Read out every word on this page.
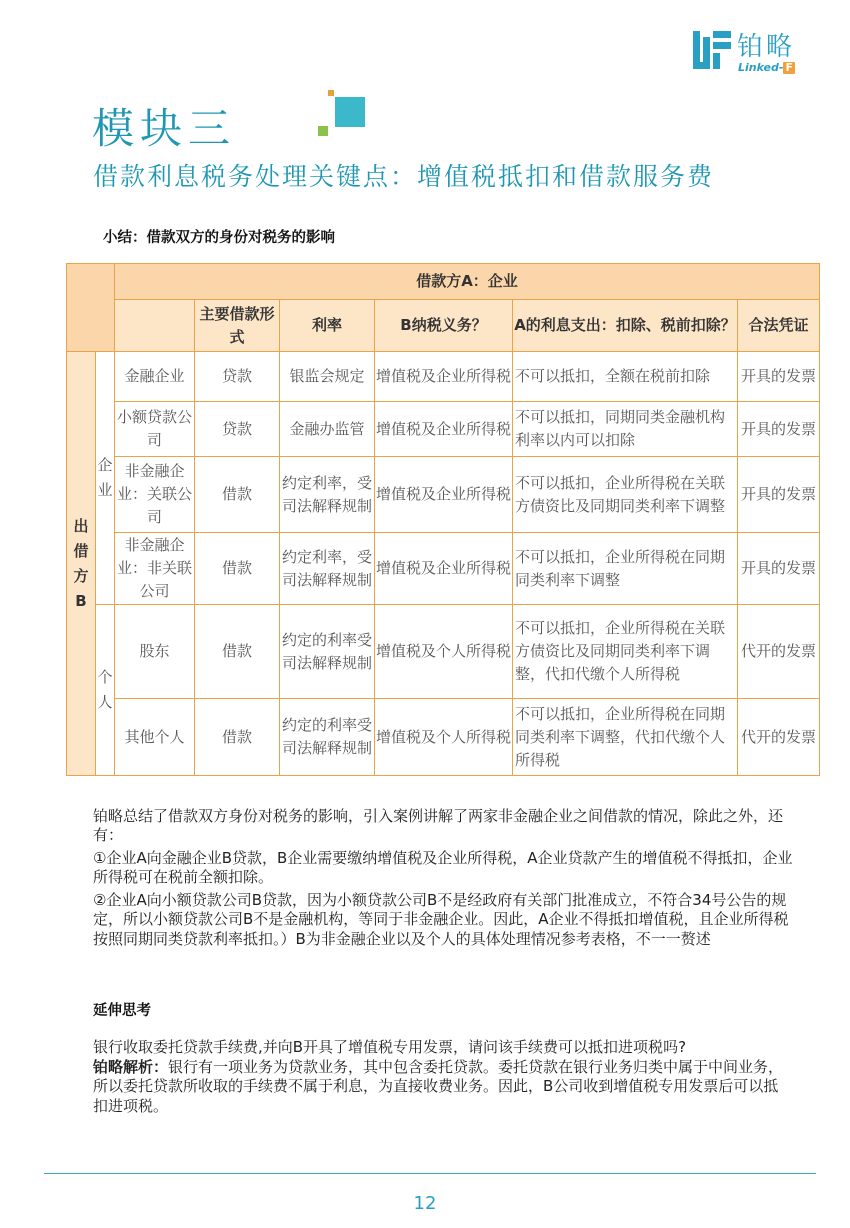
铂略
Linked- F
模块三
借款利息税务处理关键点：增值税抵扣和借款服务费
小结：借款双方的身份对税务的影响
		借款方A：企业					
			主要借款形式	利率	B纳税义务？	A的利息支出：扣除、税前扣除？	合法凭证
出借方B	企业	金融企业	贷款	银监会规定	增值税及企业所得税	不可以抵扣，全额在税前扣除	开具的发票
		小额贷款公司	贷款	金融办监管	增值税及企业所得税	不可以抵扣，同期同类金融机构利率以内可以扣除	开具的发票
		非金融企业：关联公司	借款	约定利率，受司法解释规制	增值税及企业所得税	不可以抵扣，企业所得税在关联方债资比及同期同类利率下调整	开具的发票
		非金融企业：非关联公司	借款	约定利率，受司法解释规制	增值税及企业所得税	不可以抵扣，企业所得税在同期同类利率下调整	开具的发票
	个人	股东	借款	约定的利率受司法解释规制	增值税及个人所得税	不可以抵扣，企业所得税在关联方债资比及同期同类利率下调整，代扣代缴个人所得税	代开的发票
		其他个人	借款	约定的利率受司法解释规制	增值税及个人所得税	不可以抵扣，企业所得税在同期同类利率下调整，代扣代缴个人所得税	代开的发票
铂略总结了借款双方身份对税务的影响，引入案例讲解了两家非金融企业之间借款的情况，除此之外，还有：
①企业A向金融企业B贷款，B企业需要缴纳增值税及企业所得税，A企业贷款产生的增值税不得抵扣，企业所得税可在税前全额扣除。
②企业A向小额贷款公司B贷款，因为小额贷款公司B不是经政府有关部门批准成立，不符合34号公告的规定，所以小额贷款公司B不是金融机构，等同于非金融企业。因此，A企业不得抵扣增值税，且企业所得税按照同期同类贷款利率抵扣。）B为非金融企业以及个人的具体处理情况参考表格，不一一赘述
延伸思考
银行收取委托贷款手续费,并向B开具了增值税专用发票，请问该手续费可以抵扣进项税吗?
铂略解析：银行有一项业务为贷款业务，其中包含委托贷款。委托贷款在银行业务归类中属于中间业务，所以委托贷款所收取的手续费不属于利息，为直接收费业务。因此，B公司收到增值税专用发票后可以抵扣进项税。
12
